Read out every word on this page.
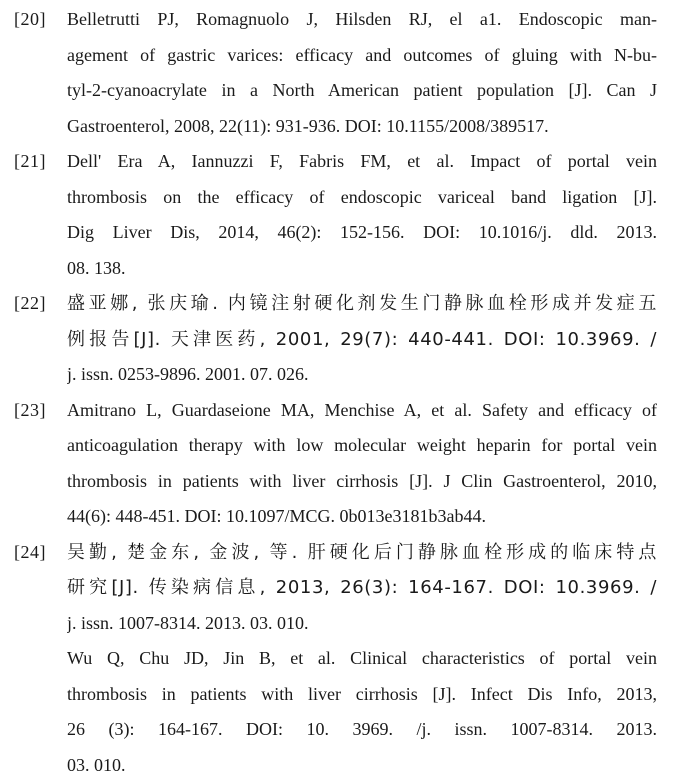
[20]	Belletrutti PJ, Romagnuolo J, Hilsden RJ, el a1. Endoscopic man-
agement of gastric varices: efficacy and outcomes of gluing with N-bu-
tyl-2-cyanoacrylate in a North American patient population [J]. Can J
Gastroenterol, 2008, 22(11): 931-936. DOI: 10.1155/2008/389517.
[21]	Dell' Era A, Iannuzzi F, Fabris FM, et al. Impact of portal vein
thrombosis on the efficacy of endoscopic variceal band ligation [J].
Dig Liver Dis, 2014, 46(2): 152-156. DOI: 10.1016/j. dld. 2013.
08. 138.
[22]	盛亚娜, 张庆瑜. 内镜注射硬化剂发生门静脉血栓形成并发症五
例报告[J]. 天津医药, 2001, 29(7): 440-441. DOI: 10.3969. /
j. issn. 0253-9896. 2001. 07. 026.
[23]	Amitrano L, Guardaseione MA, Menchise A, et al. Safety and efficacy of
anticoagulation therapy with low molecular weight heparin for portal vein
thrombosis in patients with liver cirrhosis [J]. J Clin Gastroenterol, 2010,
44(6): 448-451. DOI: 10.1097/MCG. 0b013e3181b3ab44.
[24]	吴勤, 楚金东, 金波, 等. 肝硬化后门静脉血栓形成的临床特点
研究[J]. 传染病信息, 2013, 26(3): 164-167. DOI: 10.3969. /
j. issn. 1007-8314. 2013. 03. 010.
Wu Q, Chu JD, Jin B, et al. Clinical characteristics of portal vein
thrombosis in patients with liver cirrhosis [J]. Infect Dis Info, 2013,
26 (3): 164-167. DOI: 10. 3969. /j. issn. 1007-8314. 2013.
03. 010.
